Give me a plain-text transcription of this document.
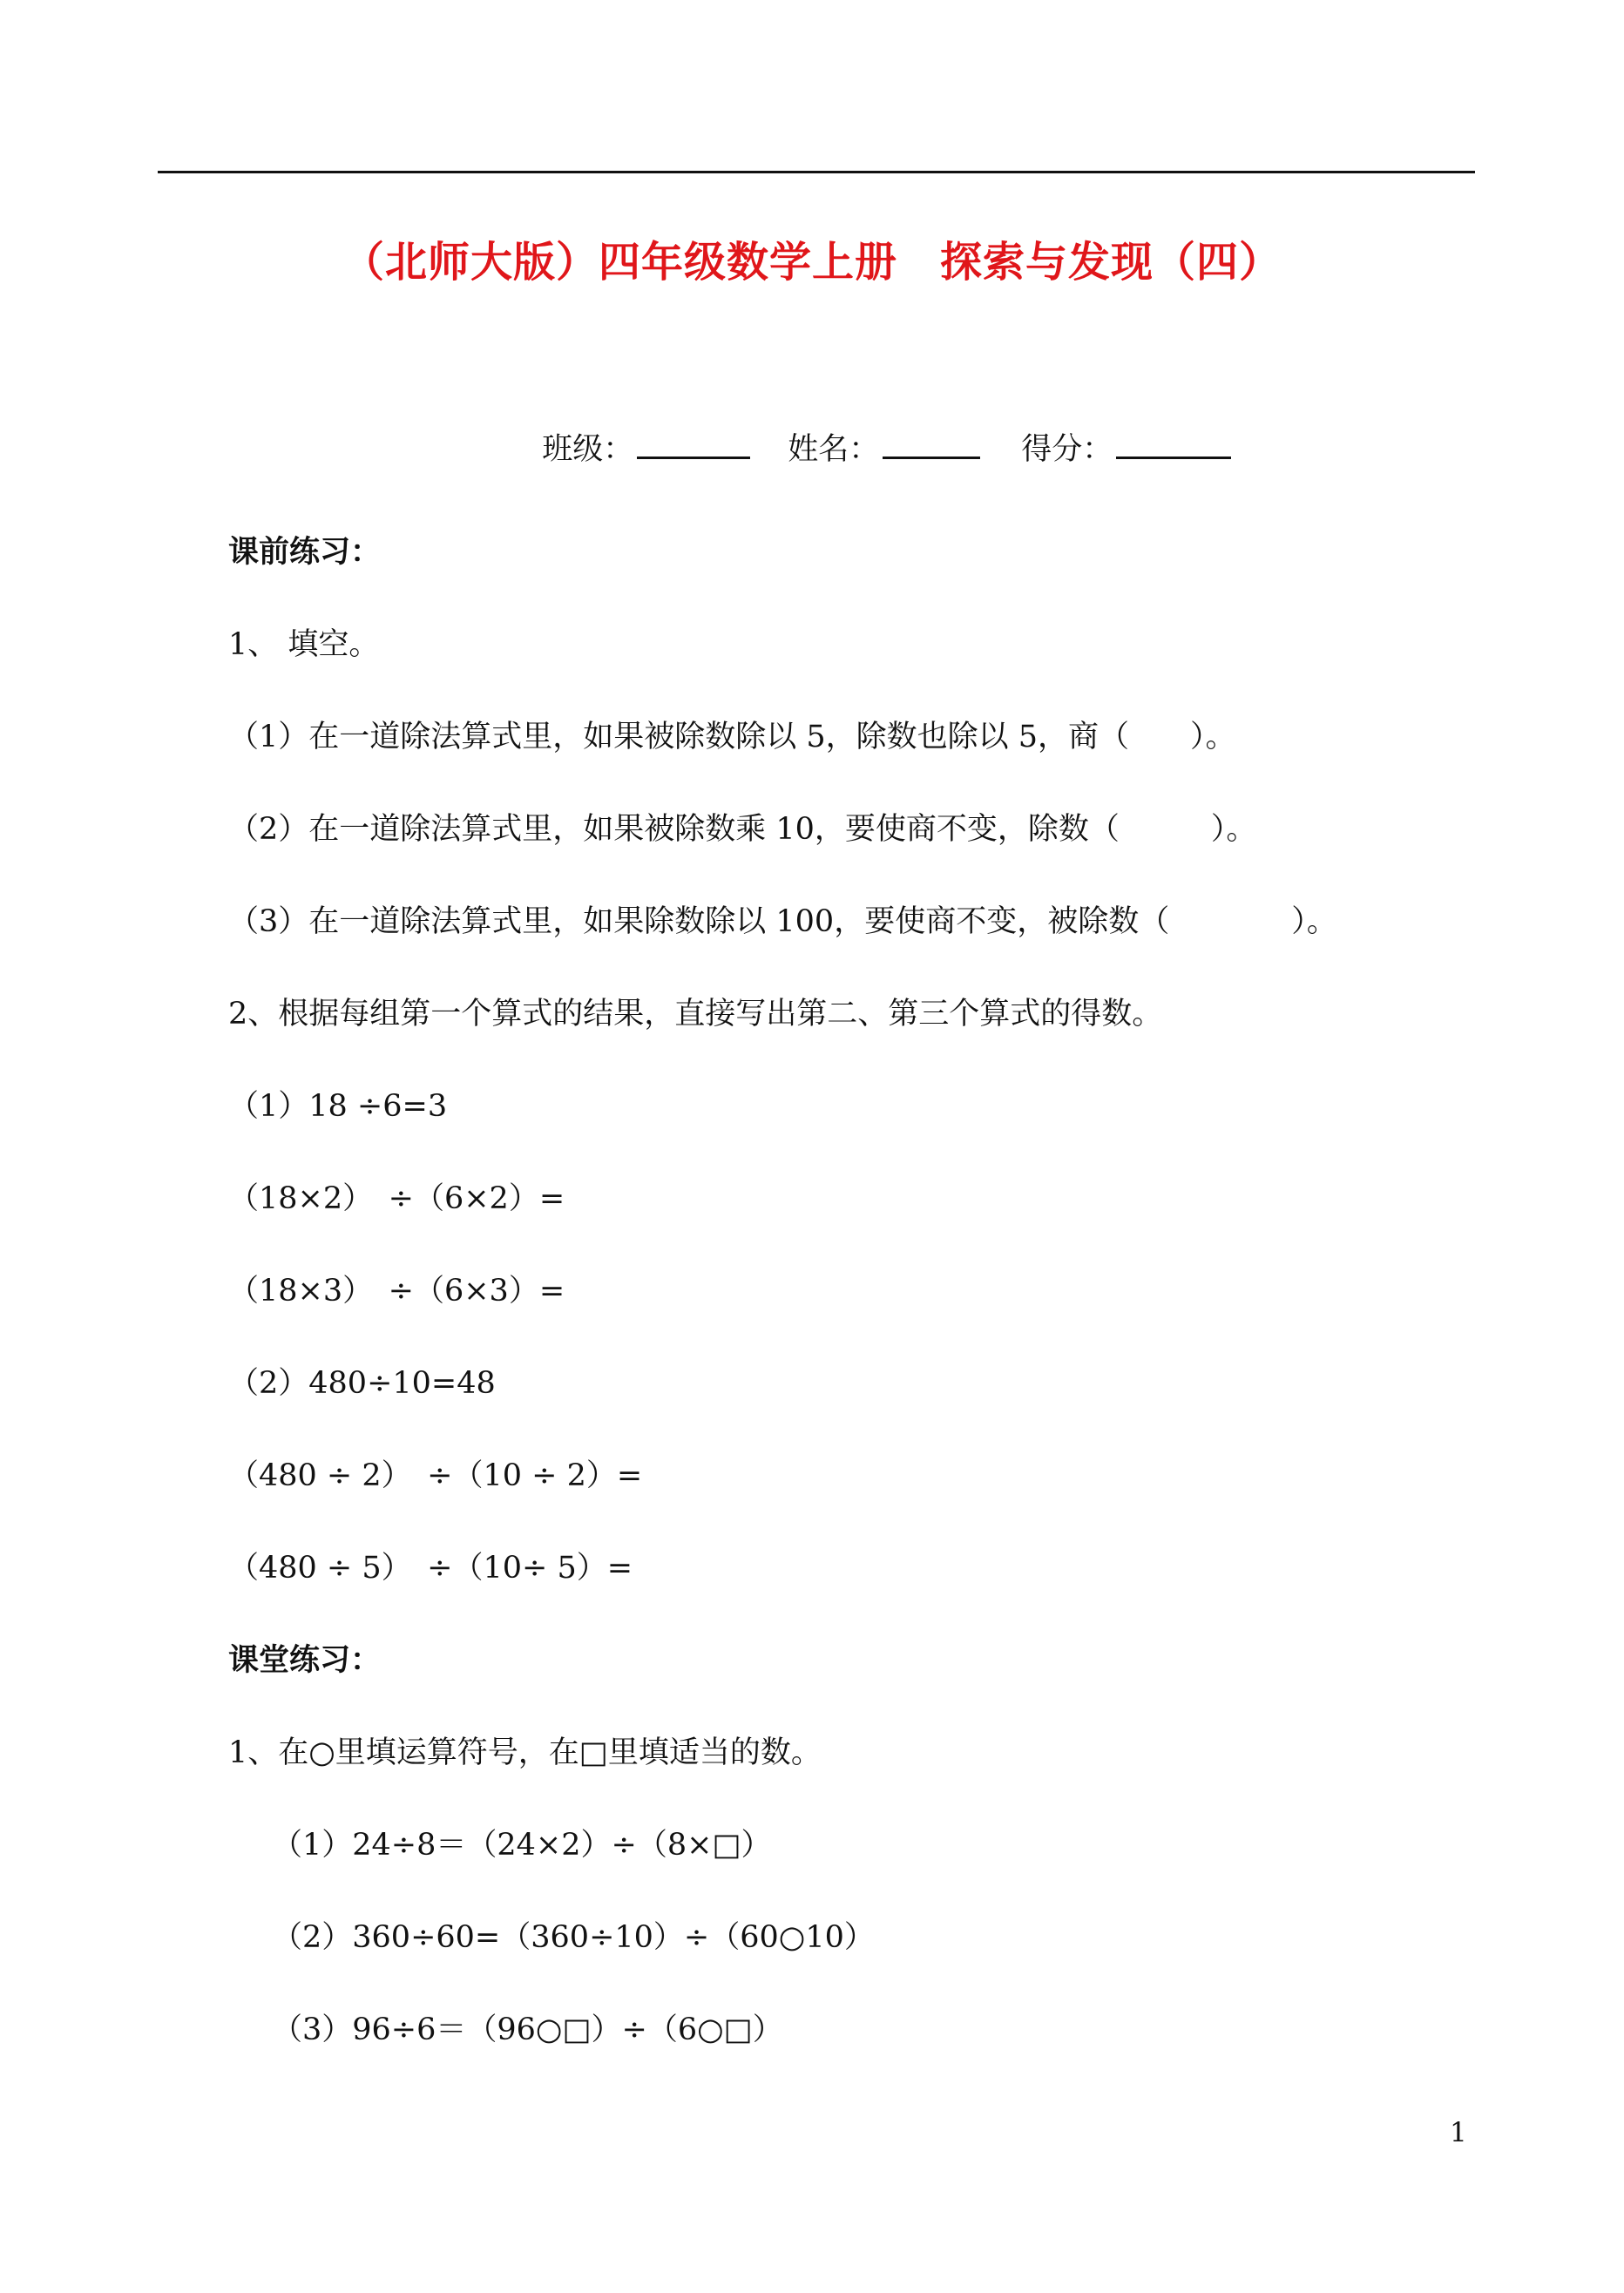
（北师大版）四年级数学上册　探索与发现（四）

班级：	姓名：	得分：

课前练习：
1、 填空。
（1）在一道除法算式里，如果被除数除以 5，除数也除以 5，商（　　）。
（2）在一道除法算式里，如果被除数乘 10，要使商不变，除数（　　　）。
（3）在一道除法算式里，如果除数除以 100，要使商不变，被除数（　　　　）。
2、根据每组第一个算式的结果，直接写出第二、第三个算式的得数。
（1）18 ÷6=3
（18×2）　÷（6×2）=
（18×3）　÷（6×3）=
（2）480÷10=48
（480 ÷ 2）　÷（10 ÷ 2）=
（480 ÷ 5）　÷（10÷ 5）=
课堂练习：
1、在○里填运算符号，在□里填适当的数。
（1）24÷8＝（24×2）÷（8×□）
（2）360÷60=（360÷10）÷（60○10）
（3）96÷6＝（96○□）÷（6○□）
1
